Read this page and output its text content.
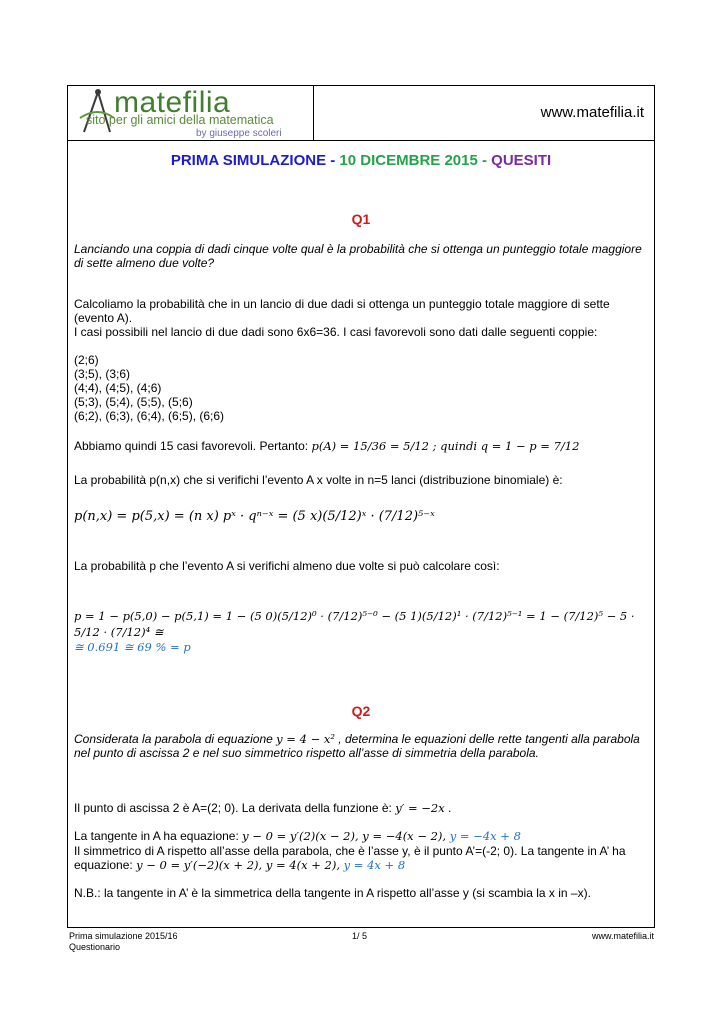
matefilia
sito per gli amici della matematica
by giuseppe scoleri
www.matefilia.it
PRIMA SIMULAZIONE - 10 DICEMBRE 2015 - QUESITI
Q1
Lanciando una coppia di dadi cinque volte qual è la probabilità che si ottenga un punteggio totale maggiore di sette almeno due volte?
Calcoliamo la probabilità che in un lancio di due dadi si ottenga un punteggio totale maggiore di sette (evento A).
I casi possibili nel lancio di due dadi sono 6x6=36. I casi favorevoli sono dati dalle seguenti coppie:
(2;6)
(3;5), (3;6)
(4;4), (4;5), (4;6)
(5;3), (5;4), (5;5), (5;6)
(6;2), (6;3), (6;4), (6;5), (6;6)
Abbiamo quindi 15 casi favorevoli. Pertanto: p(A) = 15/36 = 5/12 ; quindi q = 1 − p = 7/12
La probabilità p(n,x) che si verifichi l’evento A x volte in n=5 lanci (distribuzione binomiale) è:
p(n,x) = p(5,x) = (n x) pˣ · qⁿ⁻ˣ = (5 x)(5/12)ˣ · (7/12)⁵⁻ˣ
La probabilità p che l’evento A si verifichi almeno due volte si può calcolare così:
p = 1 − p(5,0) − p(5,1) = 1 − (5 0)(5/12)⁰ · (7/12)⁵⁻⁰ − (5 1)(5/12)¹ · (7/12)⁵⁻¹ = 1 − (7/12)⁵ − 5 · 5/12 · (7/12)⁴ ≅
≅ 0.691 ≅ 69 % = p
Q2
Considerata la parabola di equazione y = 4 − x² , determina le equazioni delle rette tangenti alla parabola nel punto di ascissa 2 e nel suo simmetrico rispetto all’asse di simmetria della parabola.
Il punto di ascissa 2 è A=(2; 0). La derivata della funzione è: y′ = −2x .
La tangente in A ha equazione: y − 0 = y′(2)(x − 2), y = −4(x − 2), y = −4x + 8
Il simmetrico di A rispetto all’asse della parabola, che è l’asse y, è il punto A’=(-2; 0). La tangente in A’ ha equazione: y − 0 = y′(−2)(x + 2), y = 4(x + 2), y = 4x + 8
N.B.: la tangente in A’ è la simmetrica della tangente in A rispetto all’asse y (si scambia la x in –x).
Prima simulazione 2015/16
Questionario
1/ 5	www.matefilia.it
